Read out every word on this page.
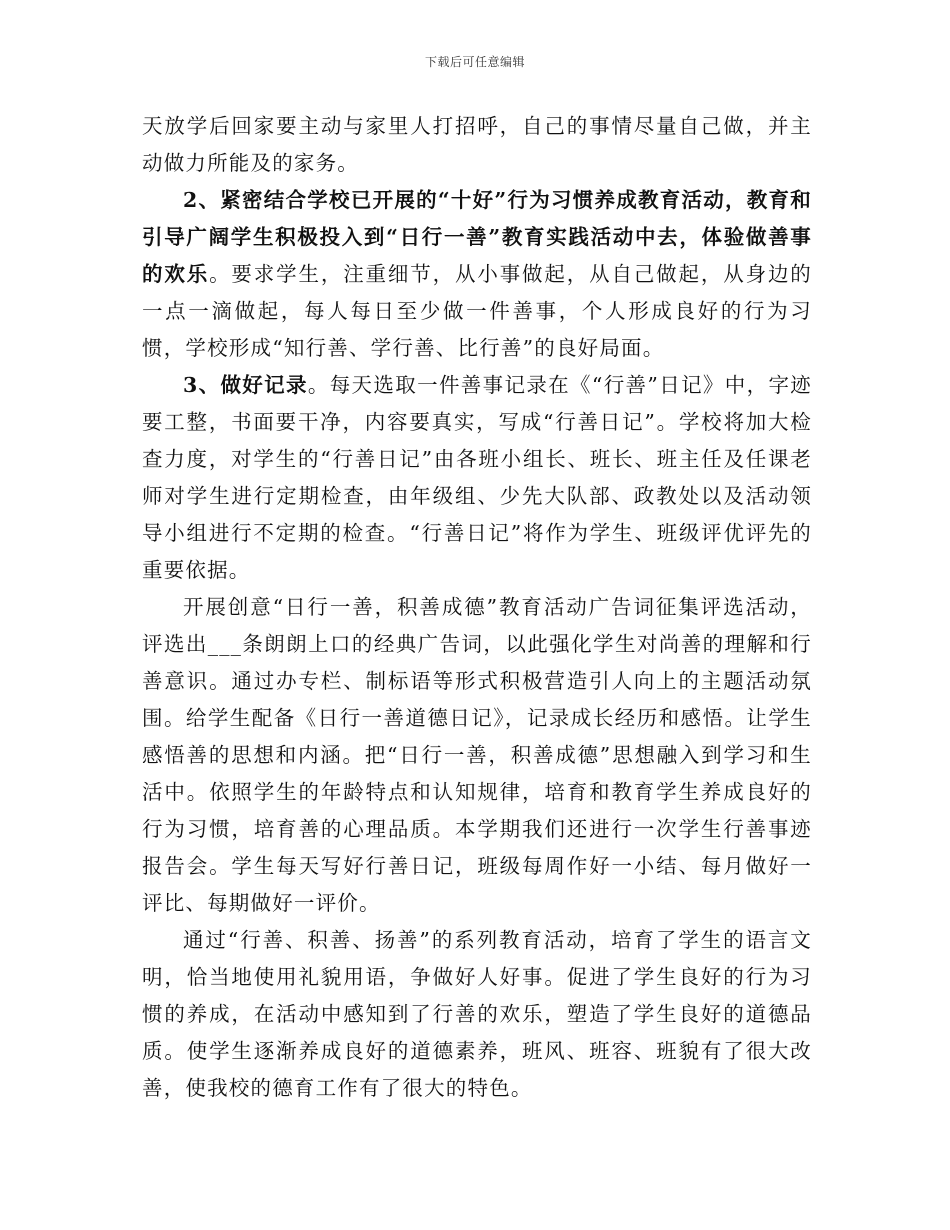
下载后可任意编辑

天放学后回家要主动与家里人打招呼，自己的事情尽量自己做，并主动做力所能及的家务。

2、紧密结合学校已开展的“十好”行为习惯养成教育活动，教育和引导广阔学生积极投入到“日行一善”教育实践活动中去，体验做善事的欢乐。要求学生，注重细节，从小事做起，从自己做起，从身边的一点一滴做起，每人每日至少做一件善事，个人形成良好的行为习惯，学校形成“知行善、学行善、比行善”的良好局面。

3、做好记录。每天选取一件善事记录在《“行善”日记》中，字迹要工整，书面要干净，内容要真实，写成“行善日记”。学校将加大检查力度，对学生的“行善日记”由各班小组长、班长、班主任及任课老师对学生进行定期检查，由年级组、少先大队部、政教处以及活动领导小组进行不定期的检查。“行善日记”将作为学生、班级评优评先的重要依据。

开展创意“日行一善，积善成德”教育活动广告词征集评选活动，评选出___条朗朗上口的经典广告词，以此强化学生对尚善的理解和行善意识。通过办专栏、制标语等形式积极营造引人向上的主题活动氛围。给学生配备《日行一善道德日记》，记录成长经历和感悟。让学生感悟善的思想和内涵。把“日行一善，积善成德”思想融入到学习和生活中。依照学生的年龄特点和认知规律，培育和教育学生养成良好的行为习惯，培育善的心理品质。本学期我们还进行一次学生行善事迹报告会。学生每天写好行善日记，班级每周作好一小结、每月做好一评比、每期做好一评价。

通过“行善、积善、扬善”的系列教育活动，培育了学生的语言文明，恰当地使用礼貌用语，争做好人好事。促进了学生良好的行为习惯的养成，在活动中感知到了行善的欢乐，塑造了学生良好的道德品质。使学生逐渐养成良好的道德素养，班风、班容、班貌有了很大改善，使我校的德育工作有了很大的特色。
